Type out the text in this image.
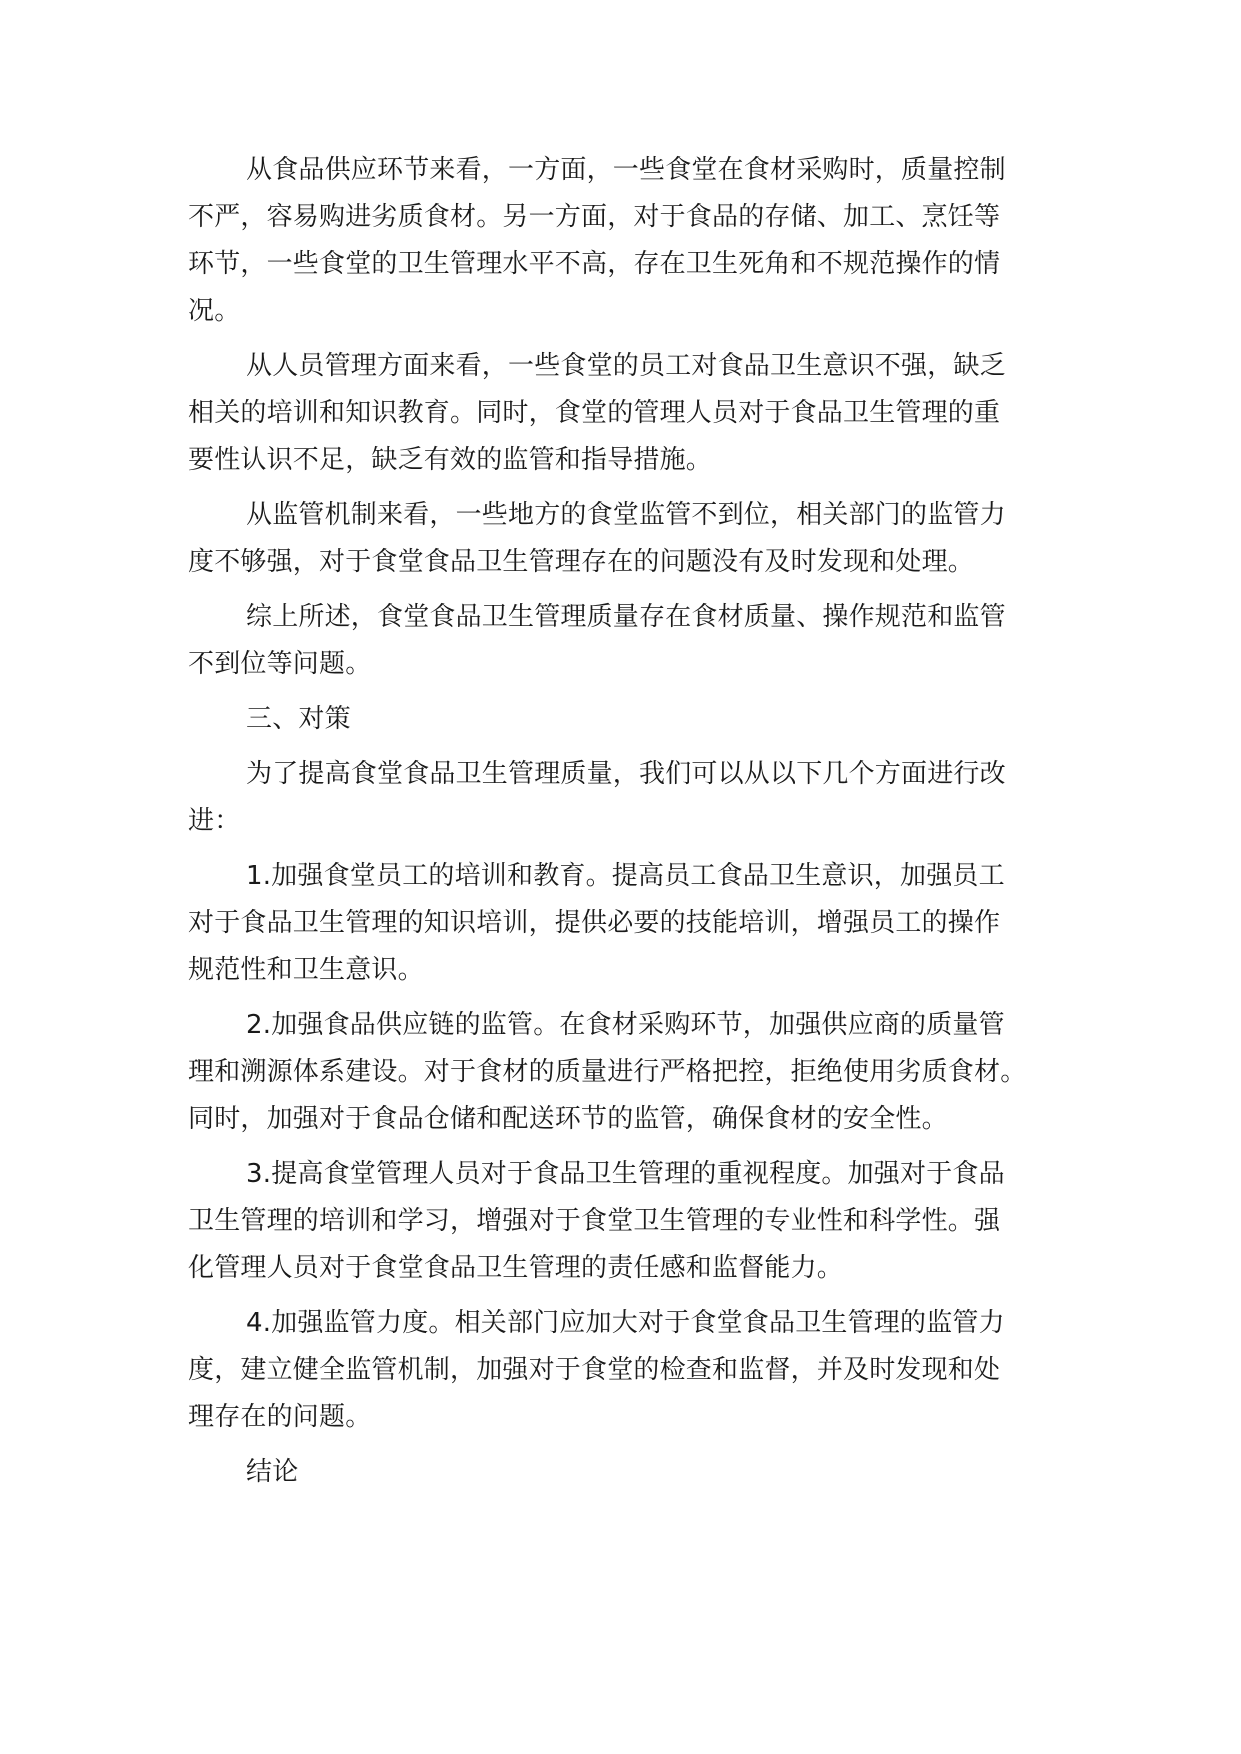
从食品供应环节来看，一方面，一些食堂在食材采购时，质量控制
不严，容易购进劣质食材。另一方面，对于食品的存储、加工、烹饪等
环节，一些食堂的卫生管理水平不高，存在卫生死角和不规范操作的情
况。
从人员管理方面来看，一些食堂的员工对食品卫生意识不强，缺乏
相关的培训和知识教育。同时，食堂的管理人员对于食品卫生管理的重
要性认识不足，缺乏有效的监管和指导措施。
从监管机制来看，一些地方的食堂监管不到位，相关部门的监管力
度不够强，对于食堂食品卫生管理存在的问题没有及时发现和处理。
综上所述，食堂食品卫生管理质量存在食材质量、操作规范和监管
不到位等问题。
三、对策
为了提高食堂食品卫生管理质量，我们可以从以下几个方面进行改
进：
1.加强食堂员工的培训和教育。提高员工食品卫生意识，加强员工
对于食品卫生管理的知识培训，提供必要的技能培训，增强员工的操作
规范性和卫生意识。
2.加强食品供应链的监管。在食材采购环节，加强供应商的质量管
理和溯源体系建设。对于食材的质量进行严格把控，拒绝使用劣质食材。
同时，加强对于食品仓储和配送环节的监管，确保食材的安全性。
3.提高食堂管理人员对于食品卫生管理的重视程度。加强对于食品
卫生管理的培训和学习，增强对于食堂卫生管理的专业性和科学性。强
化管理人员对于食堂食品卫生管理的责任感和监督能力。
4.加强监管力度。相关部门应加大对于食堂食品卫生管理的监管力
度，建立健全监管机制，加强对于食堂的检查和监督，并及时发现和处
理存在的问题。
结论
